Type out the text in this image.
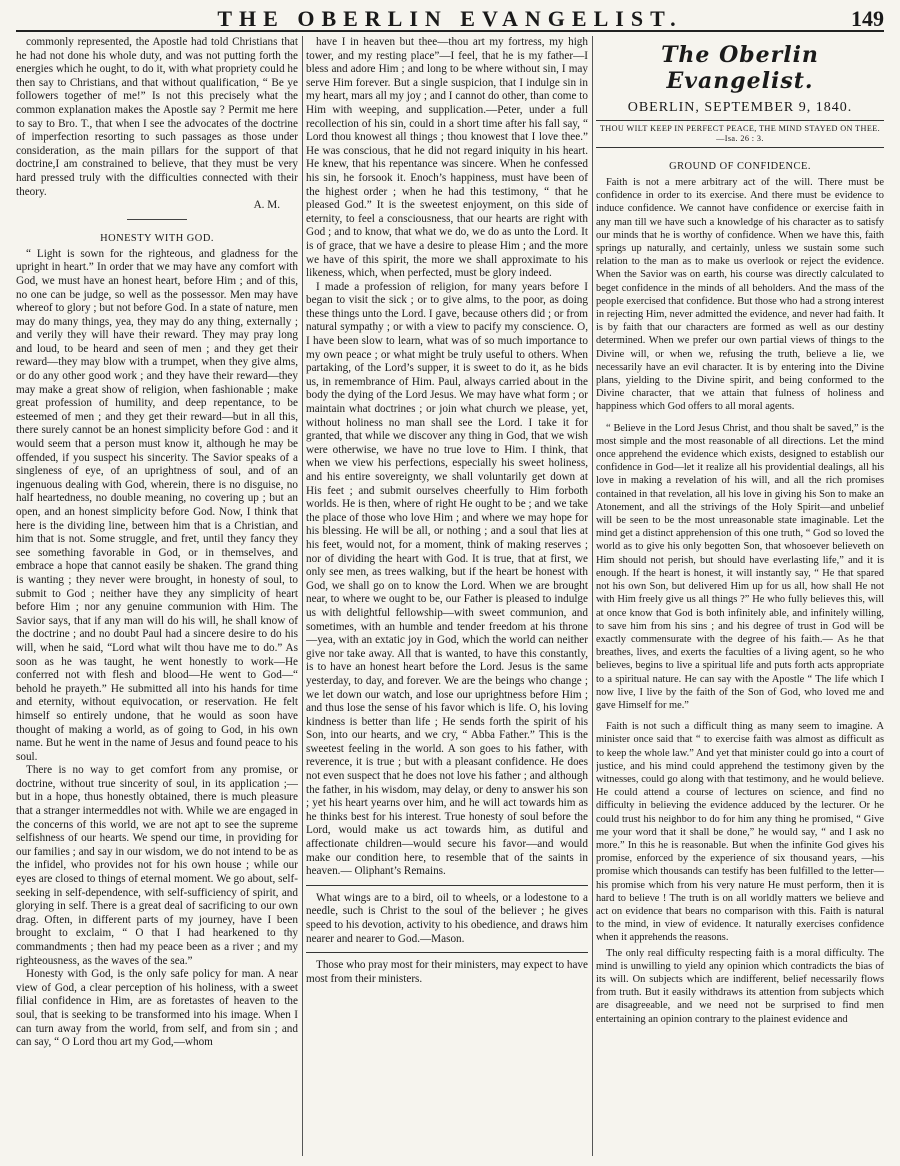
THE OBERLIN EVANGELIST.	149

commonly represented, the Apostle had told Christians that he had not done his whole duty, and was not putting forth the energies which he ought, to do it, with what propriety could he then say to Christians, and that without qualification, “ Be ye followers together of me!” Is not this precisely what the common explanation makes the Apostle say ? Permit me here to say to Bro. T., that when I see the advocates of the doctrine of imperfection resorting to such passages as those under consideration, as the main pillars for the support of that doctrine,I am constrained to believe, that they must be very hard pressed truly with the difficulties connected with their theory.

A. M.
HONESTY WITH GOD.

“ Light is sown for the righteous, and gladness for the upright in heart.” In order that we may have any comfort with God, we must have an honest heart, before Him ; and of this, no one can be judge, so well as the possessor. Men may have whereof to glory ; but not before God. In a state of nature, men may do many things, yea, they may do any thing, externally ; and verily they will have their reward. They may pray long and loud, to be heard and seen of men ; and they get their reward—they may blow with a trumpet, when they give alms, or do any other good work ; and they have their reward—they may make a great show of religion, when fashionable ; make great profession of humility, and deep repentance, to be esteemed of men ; and they get their reward—but in all this, there surely cannot be an honest simplicity before God : and it would seem that a person must know it, although he may be offended, if you suspect his sincerity. The Savior speaks of a singleness of eye, of an uprightness of soul, and of an ingenuous dealing with God, wherein, there is no disguise, no half heartedness, no double meaning, no covering up ; but an open, and an honest simplicity before God. Now, I think that here is the dividing line, between him that is a Christian, and him that is not. Some struggle, and fret, until they fancy they see something favorable in God, or in themselves, and embrace a hope that cannot easily be shaken. The grand thing is wanting ; they never were brought, in honesty of soul, to submit to God ; neither have they any simplicity of heart before Him ; nor any genuine communion with Him. The Savior says, that if any man will do his will, he shall know of the doctrine ; and no doubt Paul had a sincere desire to do his will, when he said, “Lord what wilt thou have me to do.” As soon as he was taught, he went honestly to work—He conferred not with flesh and blood—He went to God—“ behold he prayeth.” He submitted all into his hands for time and eternity, without equivocation, or reservation. He felt himself so entirely undone, that he would as soon have thought of making a world, as of going to God, in his own name. But he went in the name of Jesus and found peace to his soul.

There is no way to get comfort from any promise, or doctrine, without true sincerity of soul, in its application ;—but in a hope, thus honestly obtained, there is much pleasure that a stranger intermeddles not with. While we are engaged in the concerns of this world, we are not apt to see the supreme selfishness of our hearts. We spend our time, in providing for our families ; and say in our wisdom, we do not intend to be as the infidel, who provides not for his own house ; while our eyes are closed to things of eternal moment. We go about, self-seeking in self-dependence, with self-sufficiency of spirit, and glorying in self. There is a great deal of sacrificing to our own drag. Often, in different parts of my journey, have I been brought to exclaim, “ O that I had hearkened to thy commandments ; then had my peace been as a river ; and my righteousness, as the waves of the sea.”

Honesty with God, is the only safe policy for man. A near view of God, a clear perception of his holiness, with a sweet filial confidence in Him, are as foretastes of heaven to the soul, that is seeking to be transformed into his image. When I can turn away from the world, from self, and from sin ; and can say, “ O Lord thou art my God,—whom

have I in heaven but thee—thou art my fortress, my high tower, and my resting place”—I feel, that he is my father—I bless and adore Him ; and long to be where without sin, I may serve Him forever. But a single suspicion, that I indulge sin in my heart, mars all my joy ; and I cannot do other, than come to Him with weeping, and supplication.—Peter, under a full recollection of his sin, could in a short time after his fall say, “ Lord thou knowest all things ; thou knowest that I love thee.” He was conscious, that he did not regard iniquity in his heart. He knew, that his repentance was sincere. When he confessed his sin, he forsook it. Enoch’s happiness, must have been of the highest order ; when he had this testimony, “ that he pleased God.” It is the sweetest enjoyment, on this side of eternity, to feel a consciousness, that our hearts are right with God ; and to know, that what we do, we do as unto the Lord. It is of grace, that we have a desire to please Him ; and the more we have of this spirit, the more we shall approximate to his likeness, which, when perfected, must be glory indeed.

I made a profession of religion, for many years before I began to visit the sick ; or to give alms, to the poor, as doing these things unto the Lord. I gave, because others did ; or from natural sympathy ; or with a view to pacify my conscience. O, I have been slow to learn, what was of so much importance to my own peace ; or what might be truly useful to others. When partaking, of the Lord’s supper, it is sweet to do it, as he bids us, in remembrance of Him. Paul, always carried about in the body the dying of the Lord Jesus. We may have what form ; or maintain what doctrines ; or join what church we please, yet, without holiness no man shall see the Lord. I take it for granted, that while we discover any thing in God, that we wish were otherwise, we have no true love to Him. I think, that when we view his perfections, especially his sweet holiness, and his entire sovereignty, we shall voluntarily get down at His feet ; and submit ourselves cheerfully to Him forboth worlds. He is then, where of right He ought to be ; and we take the place of those who love Him ; and where we may hope for his blessing. He will be all, or nothing ; and a soul that lies at his feet, would not, for a moment, think of making reserves ; nor of dividing the heart with God. It is true, that at first, we only see men, as trees walking, but if the heart be honest with God, we shall go on to know the Lord. When we are brought near, to where we ought to be, our Father is pleased to indulge us with delightful fellowship—with sweet communion, and sometimes, with an humble and tender freedom at his throne—yea, with an extatic joy in God, which the world can neither give nor take away. All that is wanted, to have this constantly, is to have an honest heart before the Lord. Jesus is the same yesterday, to day, and forever. We are the beings who change ; we let down our watch, and lose our uprightness before Him ; and thus lose the sense of his favor which is life. O, his loving kindness is better than life ; He sends forth the spirit of his Son, into our hearts, and we cry, “ Abba Father.” This is the sweetest feeling in the world. A son goes to his father, with reverence, it is true ; but with a pleasant confidence. He does not even suspect that he does not love his father ; and although the father, in his wisdom, may delay, or deny to answer his son ; yet his heart yearns over him, and he will act towards him as he thinks best for his interest. True honesty of soul before the Lord, would make us act towards him, as dutiful and affectionate children—would secure his favor—and would make our condition here, to resemble that of the saints in heaven.— Oliphant’s Remains.

What wings are to a bird, oil to wheels, or a lodestone to a needle, such is Christ to the soul of the believer ; he gives speed to his devotion, activity to his obedience, and draws him nearer and nearer to God.—Mason.

Those who pray most for their ministers, may expect to have most from their ministers.

The Oberlin Evangelist.
OBERLIN, SEPTEMBER 9, 1840.
THOU WILT KEEP IN PERFECT PEACE, THE MIND STAYED ON THEE.—Isa. 26 : 3.
GROUND OF CONFIDENCE.

Faith is not a mere arbitrary act of the will. There must be confidence in order to its exercise. And there must be evidence to induce confidence. We cannot have confidence or exercise faith in any man till we have such a knowledge of his character as to satisfy our minds that he is worthy of confidence. When we have this, faith springs up naturally, and certainly, unless we sustain some such relation to the man as to make us overlook or reject the evidence. When the Savior was on earth, his course was directly calculated to beget confidence in the minds of all beholders. And the mass of the people exercised that confidence. But those who had a strong interest in rejecting Him, never admitted the evidence, and never had faith. It is by faith that our characters are formed as well as our destiny determined. When we prefer our own partial views of things to the Divine will, or when we, refusing the truth, believe a lie, we necessarily have an evil character. It is by entering into the Divine plans, yielding to the Divine spirit, and being conformed to the Divine character, that we attain that fulness of holiness and happiness which God offers to all moral agents.

“ Believe in the Lord Jesus Christ, and thou shalt be saved,” is the most simple and the most reasonable of all directions. Let the mind once apprehend the evidence which exists, designed to establish our confidence in God—let it realize all his providential dealings, all his love in making a revelation of his will, and all the rich promises contained in that revelation, all his love in giving his Son to make an Atonement, and all the strivings of the Holy Spirit—and unbelief will be seen to be the most unreasonable state imaginable. Let the mind get a distinct apprehension of this one truth, “ God so loved the world as to give his only begotten Son, that whosoever believeth on Him should not perish, but should have everlasting life,” and it is enough. If the heart is honest, it will instantly say, “ He that spared not his own Son, but delivered Him up for us all, how shall He not with Him freely give us all things ?” He who fully believes this, will at once know that God is both infinitely able, and infinitely willing, to save him from his sins ; and his degree of trust in God will be exactly commensurate with the degree of his faith.— As he that breathes, lives, and exerts the faculties of a living agent, so he who believes, begins to live a spiritual life and puts forth acts appropriate to a spiritual nature. He can say with the Apostle “ The life which I now live, I live by the faith of the Son of God, who loved me and gave Himself for me.”

Faith is not such a difficult thing as many seem to imagine. A minister once said that “ to exercise faith was almost as difficult as to keep the whole law.” And yet that minister could go into a court of justice, and his mind could apprehend the testimony given by the witnesses, could go along with that testimony, and he would believe. He could attend a course of lectures on science, and find no difficulty in believing the evidence adduced by the lecturer. Or he could trust his neighbor to do for him any thing he promised, “ Give me your word that it shall be done,” he would say, “ and I ask no more.” In this he is reasonable. But when the infinite God gives his promise, enforced by the experience of six thousand years, —his promise which thousands can testify has been fulfilled to the letter—his promise which from his very nature He must perform, then it is hard to believe ! The truth is on all worldly matters we believe and act on evidence that bears no comparison with this. Faith is natural to the mind, in view of evidence. It naturally exercises confidence when it apprehends the reasons.

The only real difficulty respecting faith is a moral difficulty. The mind is unwilling to yield any opinion which contradicts the bias of its will. On subjects which are indifferent, belief necessarily flows from truth. But it easily withdraws its attention from subjects which are disagreeable, and we need not be surprised to find men entertaining an opinion contrary to the plainest evidence and
